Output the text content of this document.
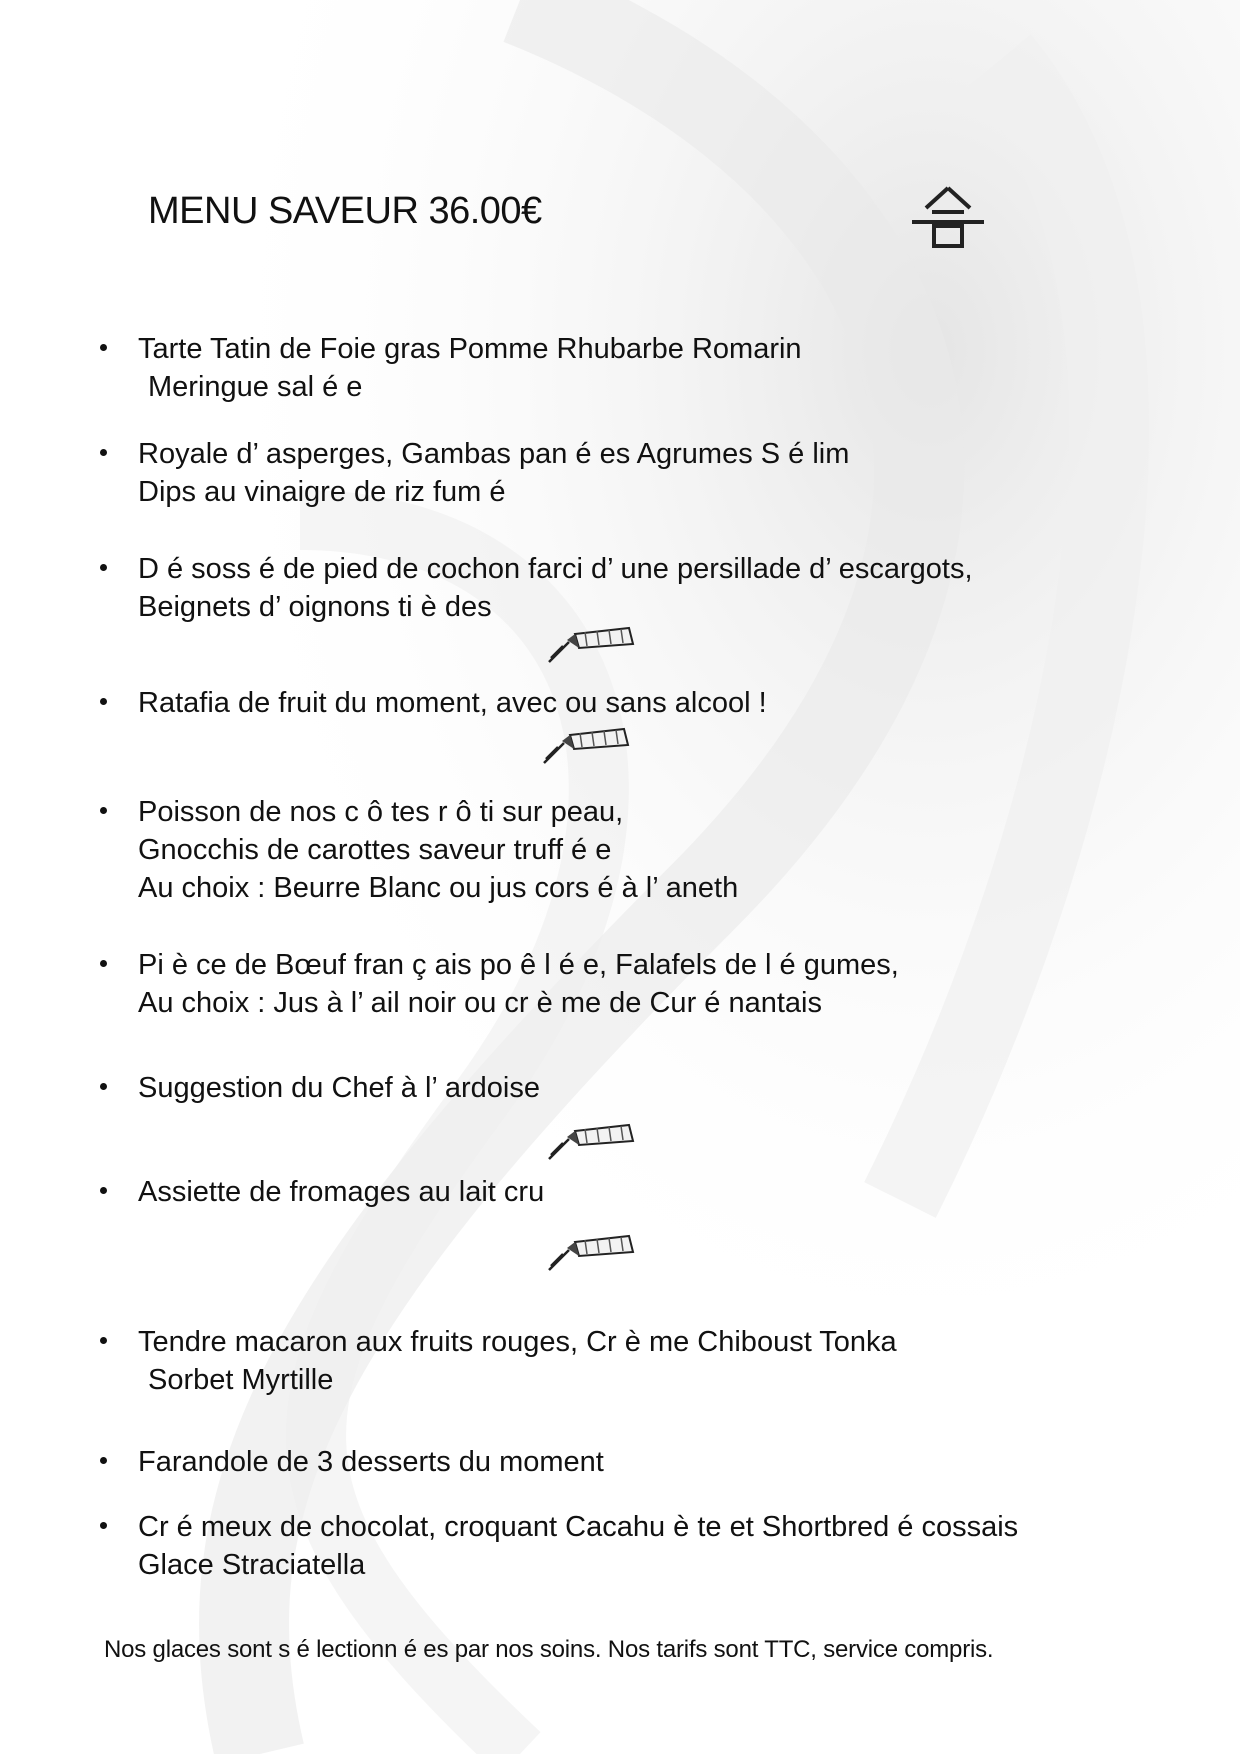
MENU SAVEUR 36.00€
Tarte Tatin de Foie gras Pomme Rhubarbe Romarin
Meringue sal é e
Royale d’ asperges, Gambas pan é es Agrumes S é lim
Dips au vinaigre de riz fum é
D é soss é de pied de cochon farci d’ une persillade d’ escargots,
Beignets d’ oignons ti è des
Ratafia de fruit du moment, avec ou sans alcool !
Poisson de nos c ô tes r ô ti sur peau,
Gnocchis de carottes saveur truff é e
Au choix : Beurre Blanc ou jus cors é à l’ aneth
Pi è ce de Bœuf fran ç ais po ê l é e, Falafels de l é gumes,
Au choix : Jus à l’ ail noir ou cr è me de Cur é nantais
Suggestion du Chef à l’ ardoise
Assiette de fromages au lait cru
Tendre macaron aux fruits rouges, Cr è me Chiboust Tonka
Sorbet Myrtille
Farandole de 3 desserts du moment
Cr é meux de chocolat, croquant Cacahu è te et Shortbred é cossais
Glace Straciatella
Nos glaces sont s é lectionn é es par nos soins. Nos tarifs sont TTC, service compris.
